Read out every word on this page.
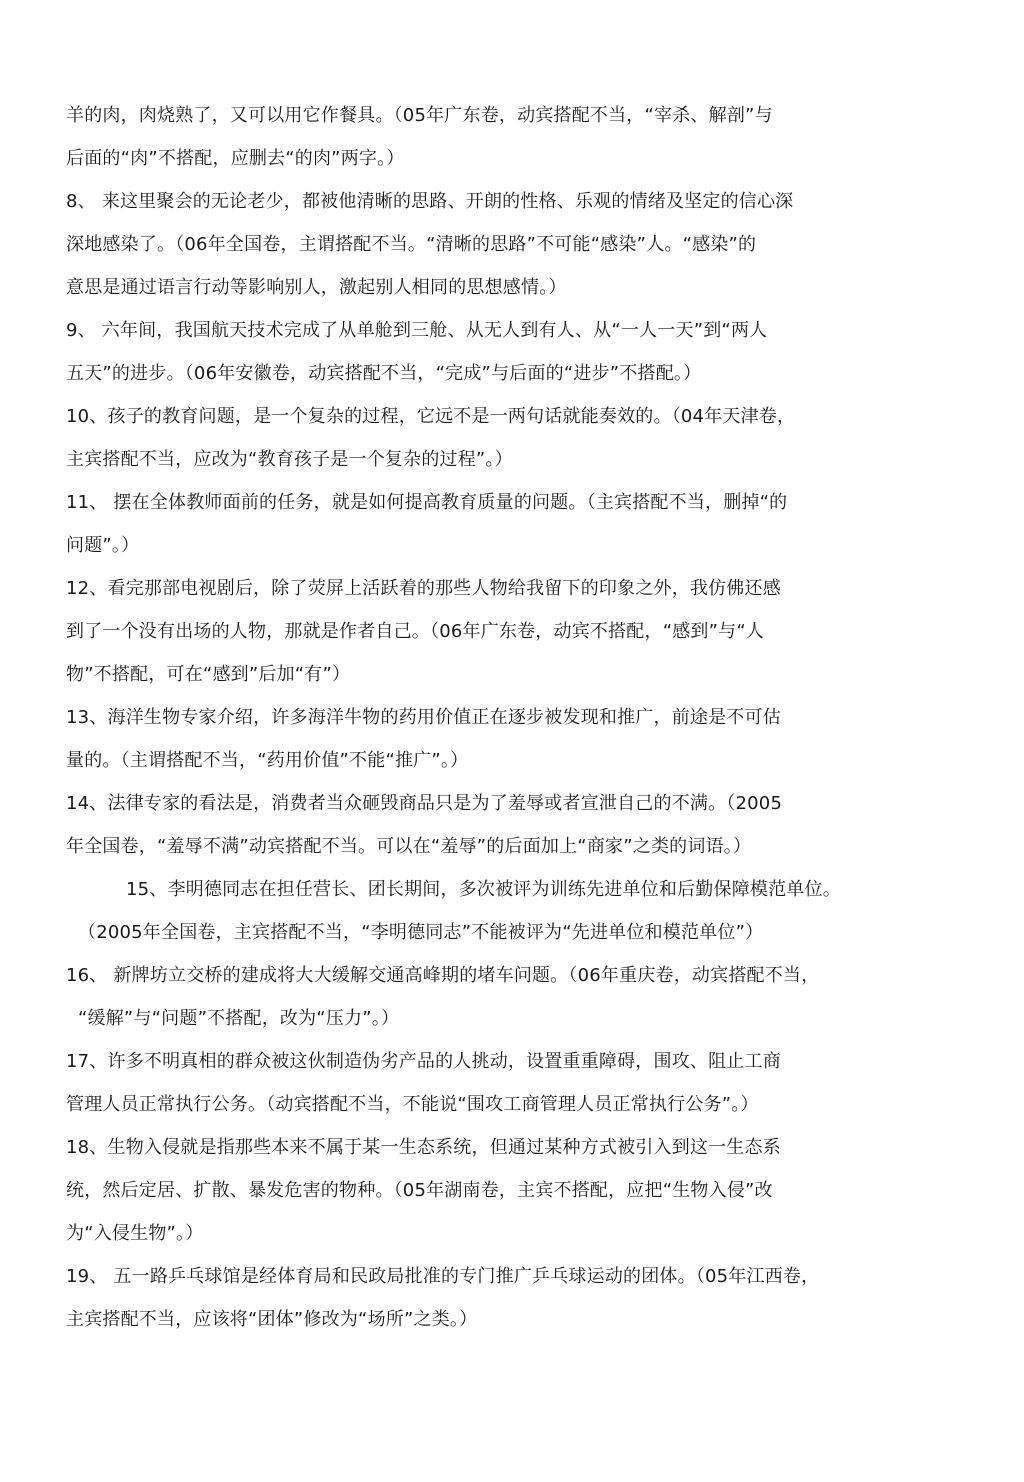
羊的肉，肉烧熟了，又可以用它作餐具。（05年广东卷，动宾搭配不当，“宰杀、解剖”与
后面的“肉”不搭配，应删去“的肉”两字。）
8、 来这里聚会的无论老少，都被他清晰的思路、开朗的性格、乐观的情绪及坚定的信心深
深地感染了。（06年全国卷，主谓搭配不当。“清晰的思路”不可能“感染”人。“感染”的
意思是通过语言行动等影响别人，激起别人相同的思想感情。）
9、 六年间，我国航天技术完成了从单舱到三舱、从无人到有人、从“一人一天”到“两人
五天”的进步。（06年安徽卷，动宾搭配不当，“完成”与后面的“进步”不搭配。）
10、孩子的教育问题，是一个复杂的过程，它远不是一两句话就能奏效的。（04年天津卷，
主宾搭配不当，应改为“教育孩子是一个复杂的过程”。）
11、 摆在全体教师面前的任务，就是如何提高教育质量的问题。（主宾搭配不当，删掉“的
问题”。）
12、看完那部电视剧后，除了荧屏上活跃着的那些人物给我留下的印象之外，我仿佛还感
到了一个没有出场的人物，那就是作者自己。（06年广东卷，动宾不搭配，“感到”与“人
物”不搭配，可在“感到”后加“有”）
13、海洋生物专家介绍，许多海洋牛物的药用价值正在逐步被发现和推广，前途是不可估
量的。（主谓搭配不当，“药用价值”不能“推广”。）
14、法律专家的看法是，消费者当众砸毁商品只是为了羞辱或者宣泄自己的不满。（2005
年全国卷，“羞辱不满”动宾搭配不当。可以在“羞辱”的后面加上“商家”之类的词语。）
15、李明德同志在担任营长、团长期间，多次被评为训练先进单位和后勤保障模范单位。
（2005年全国卷，主宾搭配不当，“李明德同志”不能被评为“先进单位和模范单位”）
16、 新牌坊立交桥的建成将大大缓解交通高峰期的堵车问题。（06年重庆卷，动宾搭配不当，
“缓解”与“问题”不搭配，改为“压力”。）
17、许多不明真相的群众被这伙制造伪劣产品的人挑动，设置重重障碍，围攻、阻止工商
管理人员正常执行公务。（动宾搭配不当，不能说“围攻工商管理人员正常执行公务”。）
18、生物入侵就是指那些本来不属于某一生态系统，但通过某种方式被引入到这一生态系
统，然后定居、扩散、暴发危害的物种。（05年湖南卷，主宾不搭配，应把“生物入侵”改
为“入侵生物”。）
19、 五一路乒乓球馆是经体育局和民政局批准的专门推广乒乓球运动的团体。（05年江西卷，
主宾搭配不当，应该将“团体”修改为“场所”之类。）
